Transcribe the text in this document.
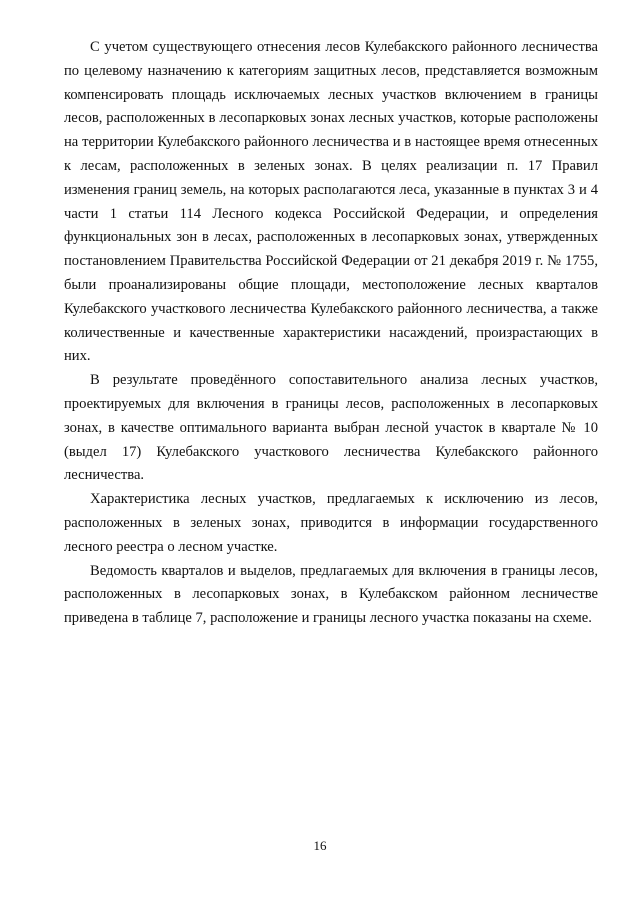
С учетом существующего отнесения лесов Кулебакского районного лесничества по целевому назначению к категориям защитных лесов, представляется возможным компенсировать площадь исключаемых лесных участков включением в границы лесов, расположенных в лесопарковых зонах лесных участков, которые расположены на территории Кулебакского районного лесничества и в настоящее время отнесенных к лесам, расположенных в зеленых зонах. В целях реализации п. 17 Правил изменения границ земель, на которых располагаются леса, указанные в пунктах 3 и 4 части 1 статьи 114 Лесного кодекса Российской Федерации, и определения функциональных зон в лесах, расположенных в лесопарковых зонах, утвержденных постановлением Правительства Российской Федерации от 21 декабря 2019 г. № 1755, были проанализированы общие площади, местоположение лесных кварталов Кулебакского участкового лесничества Кулебакского районного лесничества, а также количественные и качественные характеристики насаждений, произрастающих в них.

В результате проведённого сопоставительного анализа лесных участков, проектируемых для включения в границы лесов, расположенных в лесопарковых зонах, в качестве оптимального варианта выбран лесной участок в квартале № 10 (выдел 17) Кулебакского участкового лесничества Кулебакского районного лесничества.

Характеристика лесных участков, предлагаемых к исключению из лесов, расположенных в зеленых зонах, приводится в информации государственного лесного реестра о лесном участке.

Ведомость кварталов и выделов, предлагаемых для включения в границы лесов, расположенных в лесопарковых зонах, в Кулебакском районном лесничестве приведена в таблице 7, расположение и границы лесного участка показаны на схеме.

16
